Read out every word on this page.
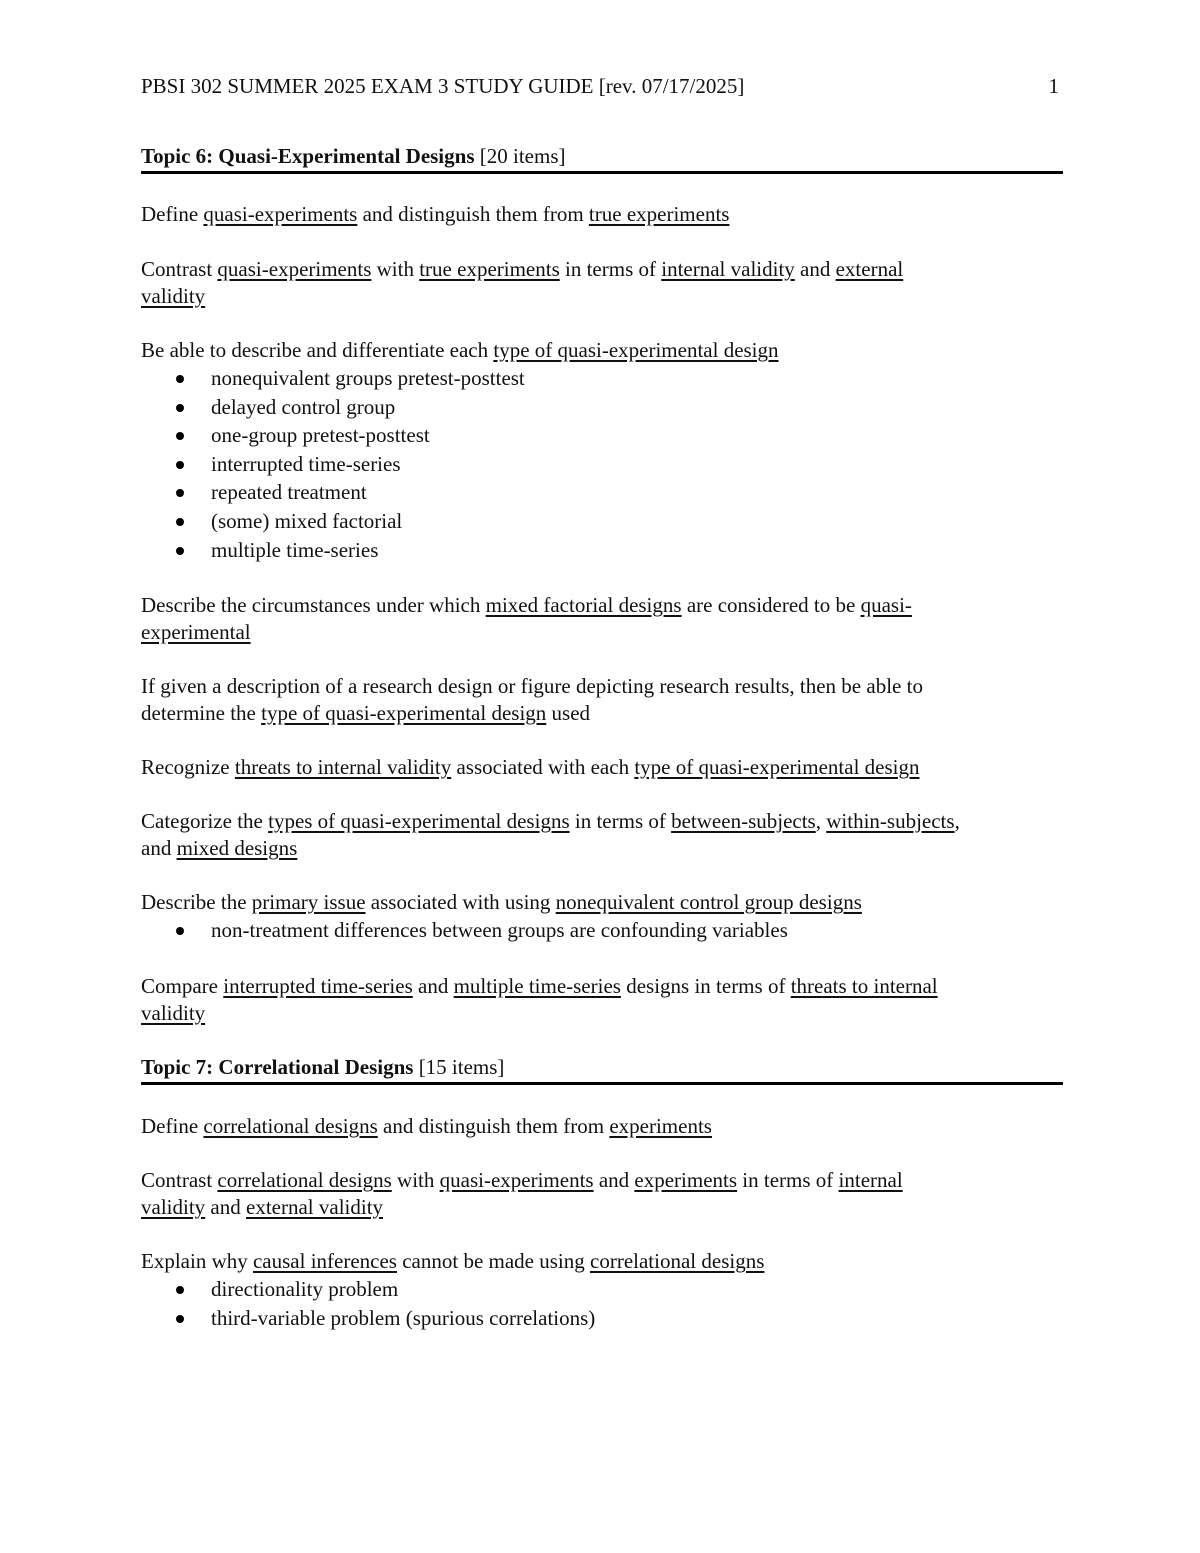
PBSI 302 SUMMER 2025 EXAM 3 STUDY GUIDE [rev. 07/17/2025]	1
Topic 6: Quasi-Experimental Designs [20 items]
Define quasi-experiments and distinguish them from true experiments
Contrast quasi-experiments with true experiments in terms of internal validity and external
validity
Be able to describe and differentiate each type of quasi-experimental design
nonequivalent groups pretest-posttest
delayed control group
one-group pretest-posttest
interrupted time-series
repeated treatment
(some) mixed factorial
multiple time-series
Describe the circumstances under which mixed factorial designs are considered to be quasi-
experimental
If given a description of a research design or figure depicting research results, then be able to
determine the type of quasi-experimental design used
Recognize threats to internal validity associated with each type of quasi-experimental design
Categorize the types of quasi-experimental designs in terms of between-subjects, within-subjects,
and mixed designs
Describe the primary issue associated with using nonequivalent control group designs
non-treatment differences between groups are confounding variables
Compare interrupted time-series and multiple time-series designs in terms of threats to internal
validity
Topic 7: Correlational Designs [15 items]
Define correlational designs and distinguish them from experiments
Contrast correlational designs with quasi-experiments and experiments in terms of internal
validity and external validity
Explain why causal inferences cannot be made using correlational designs
directionality problem
third-variable problem (spurious correlations)
